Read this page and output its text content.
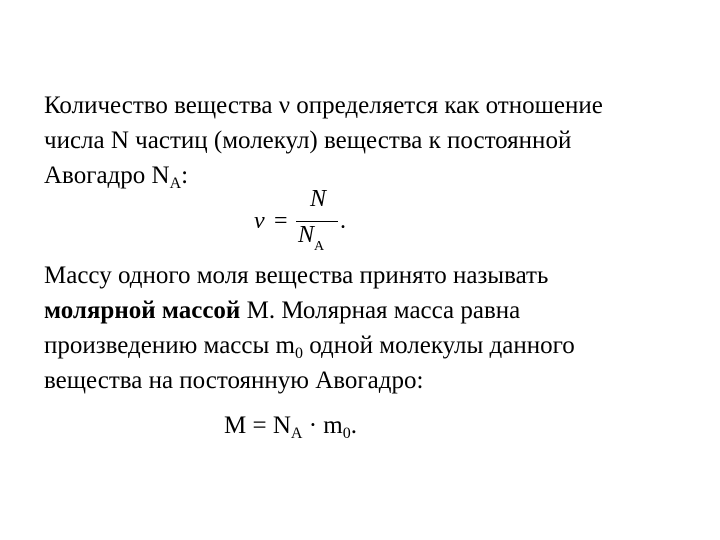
Количество вещества ν определяется как отношение
числа N частиц (молекул) вещества к постоянной
Авогадро $N_A$:
ν =
N
$N_A$
.
Массу одного моля вещества принято называть
молярной массой M. Молярная масса равна
произведению массы $m_0$ одной молекулы данного
вещества на постоянную Авогадро:
$M = N_A \cdot m_0$.
